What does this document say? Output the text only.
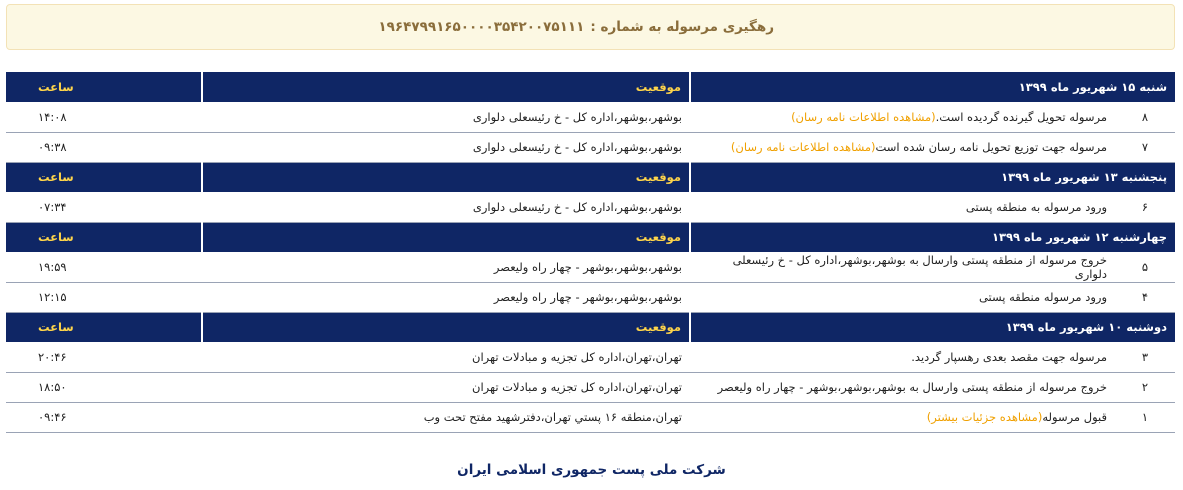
رهگیری مرسوله به شماره :
۱۹۶۴۷۹۹۱۶۵۰۰۰۰۳۵۴۲۰۰۷۵۱۱۱
شنبه ۱۵ شهریور ماه ۱۳۹۹		موقعیت	ساعت
۸	مرسوله تحویل گیرنده گردیده است.(مشاهده اطلاعات نامه رسان)	بوشهر،بوشهر،اداره کل - خ رئیسعلی دلواری	۱۴:۰۸
۷	مرسوله جهت توزیع تحویل نامه رسان شده است(مشاهده اطلاعات نامه رسان)	بوشهر،بوشهر،اداره کل - خ رئیسعلی دلواری	۰۹:۳۸
پنجشنبه ۱۳ شهریور ماه ۱۳۹۹		موقعیت	ساعت
۶	ورود مرسوله به منطقه پستی	بوشهر،بوشهر،اداره کل - خ رئیسعلی دلواری	۰۷:۳۴
چهارشنبه ۱۲ شهریور ماه ۱۳۹۹		موقعیت	ساعت
۵	خروج مرسوله از منطقه پستی وارسال به بوشهر،بوشهر،اداره کل - خ رئیسعلی دلواری	بوشهر،بوشهر،بوشهر - چهار راه ولیعصر	۱۹:۵۹
۴	ورود مرسوله منطقه پستی	بوشهر،بوشهر،بوشهر - چهار راه ولیعصر	۱۲:۱۵
دوشنبه ۱۰ شهریور ماه ۱۳۹۹		موقعیت	ساعت
۳	مرسوله جهت مقصد بعدی رهسپار گردید.	تهران،تهران،اداره کل تجزیه و مبادلات تهران	۲۰:۴۶
۲	خروج مرسوله از منطقه پستی وارسال به بوشهر،بوشهر،بوشهر - چهار راه ولیعصر	تهران،تهران،اداره کل تجزیه و مبادلات تهران	۱۸:۵۰
۱	قبول مرسوله(مشاهده جزئیات بیشتر)	تهران،منطقه ۱۶ پستي تهران،دفترشهید مفتح تحت وب	۰۹:۴۶
شرکت ملی پست جمهوری اسلامی ایران
